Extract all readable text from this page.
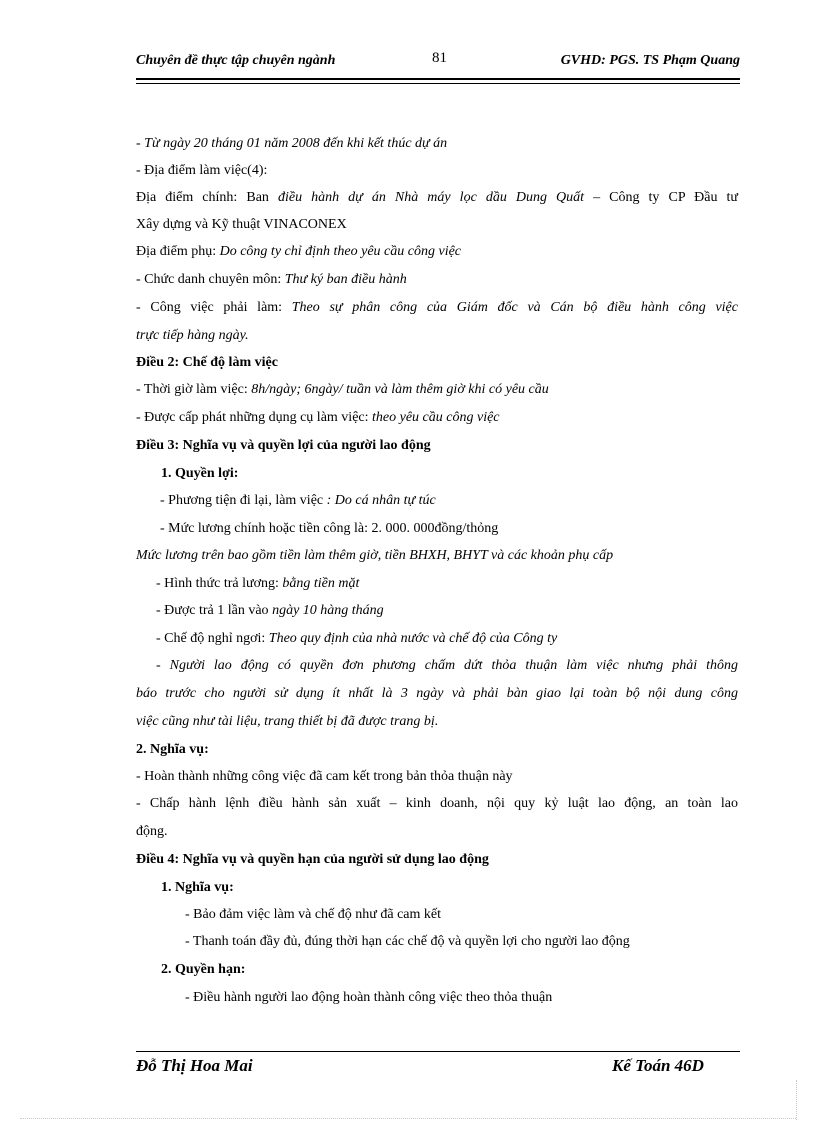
Chuyên đề thực tập chuyên ngành	81	GVHD: PGS. TS Phạm Quang
- Từ ngày 20 tháng 01 năm 2008 đến khi kết thúc dự án
- Địa điểm làm việc(4):
Địa điểm chính: Ban điều hành dự án Nhà máy lọc dầu Dung Quất – Công ty CP Đầu tư
Xây dựng và Kỹ thuật VINACONEX
Địa điểm phụ: Do công ty chỉ định theo yêu cầu công việc
- Chức danh chuyên môn: Thư ký ban điều hành
- Công việc phải làm: Theo sự phân công của Giám đốc và Cán bộ điều hành công việc
trực tiếp hàng ngày.
Điều 2: Chế độ làm việc
- Thời giờ làm việc: 8h/ngày; 6ngày/ tuần và làm thêm giờ khi có yêu cầu
- Được cấp phát những dụng cụ làm việc: theo yêu cầu công việc
Điều 3: Nghĩa vụ và quyền lợi của người lao động
1. Quyền lợi:
- Phương tiện đi lại, làm việc : Do cá nhân tự túc
- Mức lương chính hoặc tiền công là: 2. 000. 000đồng/thỏng
Mức lương trên bao gồm tiền làm thêm giờ, tiền BHXH, BHYT và các khoản phụ cấp
- Hình thức trả lương: bằng tiền mặt
- Được trả 1 lần vào ngày 10 hàng tháng
- Chế độ nghỉ ngơi: Theo quy định của nhà nước và chế độ của Công ty
- Người lao động có quyền đơn phương chấm dứt thỏa thuận làm việc nhưng phải thông
báo trước cho người sử dụng ít nhất là 3 ngày và phải bàn giao lại toàn bộ nội dung công
việc cũng như tài liệu, trang thiết bị đã được trang bị.
2. Nghĩa vụ:
- Hoàn thành những công việc đã cam kết trong bản thỏa thuận này
- Chấp hành lệnh điều hành sản xuất – kinh doanh, nội quy kỷ luật lao động, an toàn lao
động.
Điều 4: Nghĩa vụ và quyền hạn của người sử dụng lao động
1. Nghĩa vụ:
- Bảo đảm việc làm và chế độ như đã cam kết
- Thanh toán đầy đủ, đúng thời hạn các chế độ và quyền lợi cho người lao động
2. Quyền hạn:
- Điều hành người lao động hoàn thành công việc theo thỏa thuận
Đỗ Thị Hoa Mai	Kế Toán 46D
